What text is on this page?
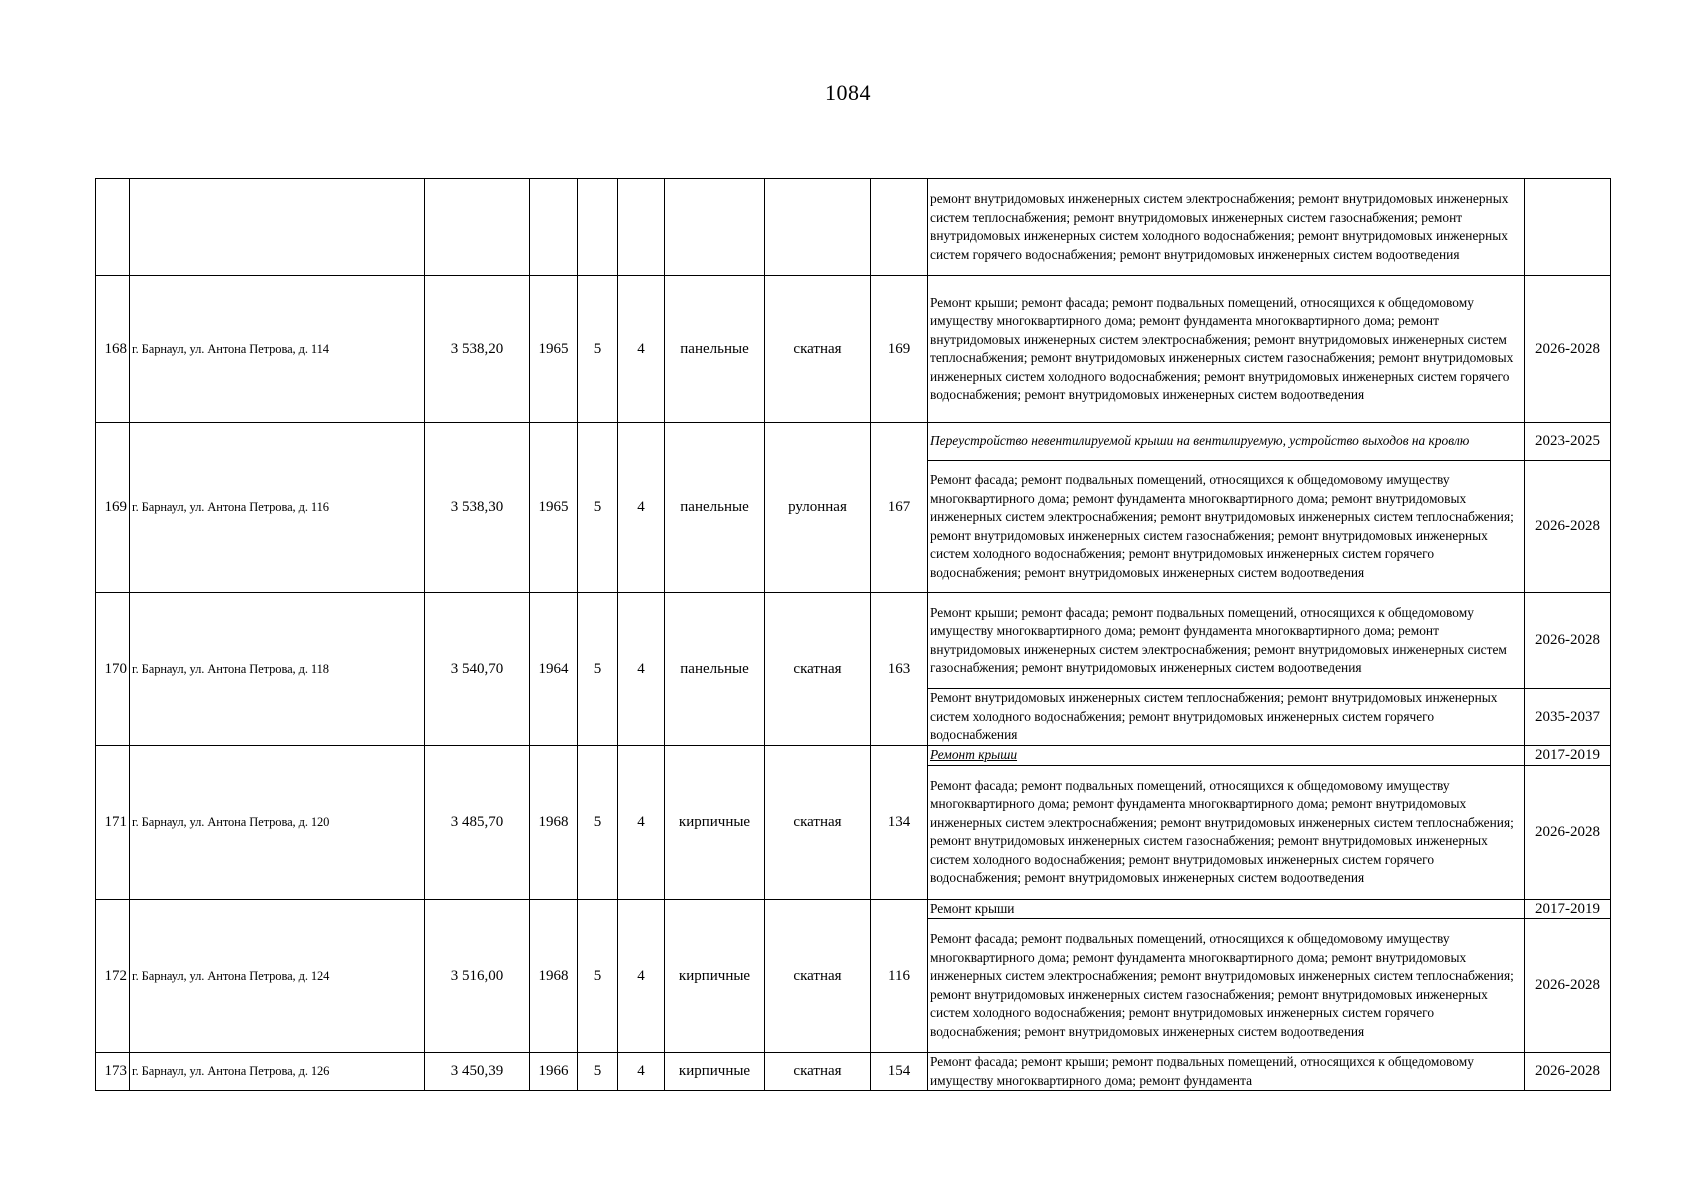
1084
									ремонт внутридомовых инженерных систем электроснабжения; ремонт внутридомовых инженерных систем теплоснабжения; ремонт внутридомовых инженерных систем газоснабжения; ремонт внутридомовых инженерных систем холодного водоснабжения; ремонт внутридомовых инженерных систем горячего водоснабжения; ремонт внутридомовых инженерных систем водоотведения	
168	г. Барнаул, ул. Антона Петрова, д. 114	3 538,20	1965	5	4	панельные	скатная	169	Ремонт крыши; ремонт фасада; ремонт подвальных помещений, относящихся к общедомовому имуществу многоквартирного дома; ремонт фундамента многоквартирного дома; ремонт внутридомовых инженерных систем электроснабжения; ремонт внутридомовых инженерных систем теплоснабжения; ремонт внутридомовых инженерных систем газоснабжения; ремонт внутридомовых инженерных систем холодного водоснабжения; ремонт внутридомовых инженерных систем горячего водоснабжения; ремонт внутридомовых инженерных систем водоотведения	2026-2028
169	г. Барнаул, ул. Антона Петрова, д. 116	3 538,30	1965	5	4	панельные	рулонная	167	Переустройство невентилируемой крыши на вентилируемую, устройство выходов на кровлю	2023-2025
									Ремонт фасада; ремонт подвальных помещений, относящихся к общедомовому имуществу многоквартирного дома; ремонт фундамента многоквартирного дома; ремонт внутридомовых инженерных систем электроснабжения; ремонт внутридомовых инженерных систем теплоснабжения; ремонт внутридомовых инженерных систем газоснабжения; ремонт внутридомовых инженерных систем холодного водоснабжения; ремонт внутридомовых инженерных систем горячего водоснабжения; ремонт внутридомовых инженерных систем водоотведения	2026-2028
170	г. Барнаул, ул. Антона Петрова, д. 118	3 540,70	1964	5	4	панельные	скатная	163	Ремонт крыши; ремонт фасада; ремонт подвальных помещений, относящихся к общедомовому имуществу многоквартирного дома; ремонт фундамента многоквартирного дома; ремонт внутридомовых инженерных систем электроснабжения; ремонт внутридомовых инженерных систем газоснабжения; ремонт внутридомовых инженерных систем водоотведения	2026-2028
									Ремонт внутридомовых инженерных систем теплоснабжения; ремонт внутридомовых инженерных систем холодного водоснабжения; ремонт внутридомовых инженерных систем горячего водоснабжения	2035-2037
171	г. Барнаул, ул. Антона Петрова, д. 120	3 485,70	1968	5	4	кирпичные	скатная	134	Ремонт крыши	2017-2019
									Ремонт фасада; ремонт подвальных помещений, относящихся к общедомовому имуществу многоквартирного дома; ремонт фундамента многоквартирного дома; ремонт внутридомовых инженерных систем электроснабжения; ремонт внутридомовых инженерных систем теплоснабжения; ремонт внутридомовых инженерных систем газоснабжения; ремонт внутридомовых инженерных систем холодного водоснабжения; ремонт внутридомовых инженерных систем горячего водоснабжения; ремонт внутридомовых инженерных систем водоотведения	2026-2028
172	г. Барнаул, ул. Антона Петрова, д. 124	3 516,00	1968	5	4	кирпичные	скатная	116	Ремонт крыши	2017-2019
									Ремонт фасада; ремонт подвальных помещений, относящихся к общедомовому имуществу многоквартирного дома; ремонт фундамента многоквартирного дома; ремонт внутридомовых инженерных систем электроснабжения; ремонт внутридомовых инженерных систем теплоснабжения; ремонт внутридомовых инженерных систем газоснабжения; ремонт внутридомовых инженерных систем холодного водоснабжения; ремонт внутридомовых инженерных систем горячего водоснабжения; ремонт внутридомовых инженерных систем водоотведения	2026-2028
173	г. Барнаул, ул. Антона Петрова, д. 126	3 450,39	1966	5	4	кирпичные	скатная	154	Ремонт фасада; ремонт крыши; ремонт подвальных помещений, относящихся к общедомовому имуществу многоквартирного дома; ремонт фундамента	2026-2028
